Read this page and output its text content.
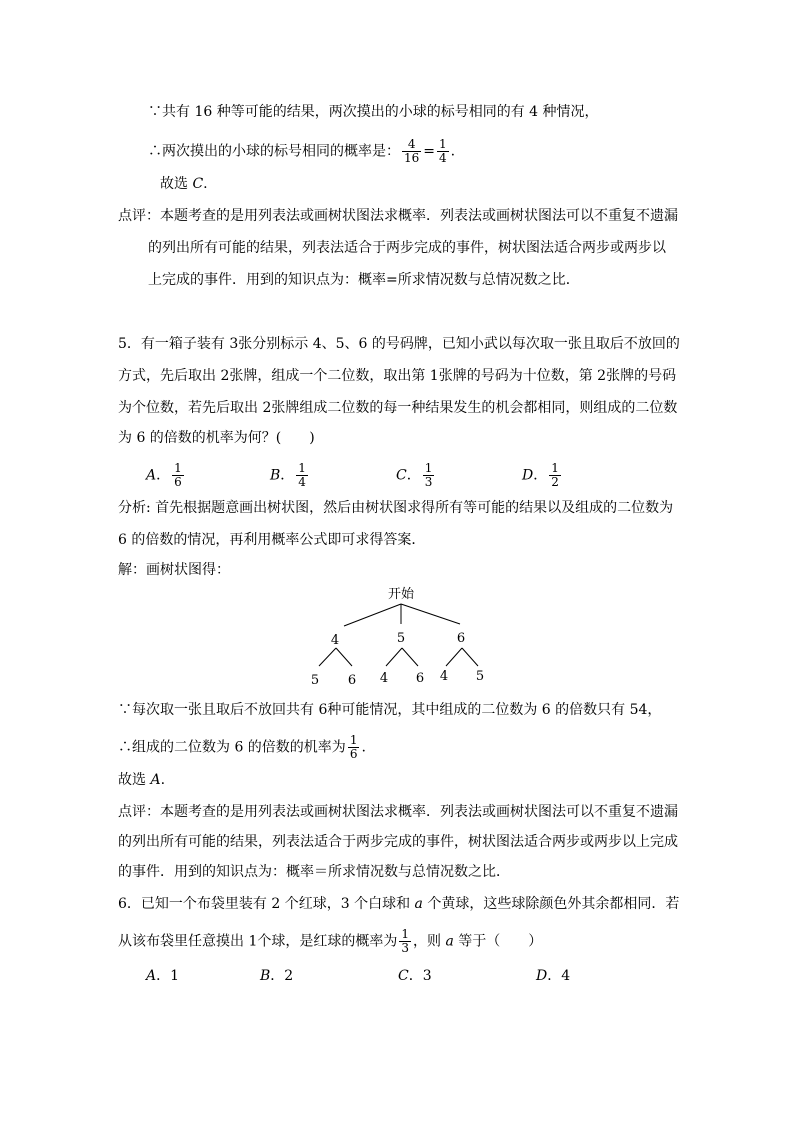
∵共有 16 种等可能的结果，两次摸出的小球的标号相同的有 4 种情况，
∴两次摸出的小球的标号相同的概率是： $\frac{4}{16} = \frac{1}{4}$ .
故选 C.
点评：本题考查的是用列表法或画树状图法求概率．列表法或画树状图法可以不重复不遗漏
的列出所有可能的结果，列表法适合于两步完成的事件，树状图法适合两步或两步以
上完成的事件．用到的知识点为：概率=所求情况数与总情况数之比．
5．有一箱子装有 3张分别标示 4、5、6 的号码牌，已知小武以每次取一张且取后不放回的
方式，先后取出 2张牌，组成一个二位数，取出第 1张牌的号码为十位数，第 2张牌的号码
为个位数，若先后取出 2张牌组成二位数的每一种结果发生的机会都相同，则组成的二位数
为 6 的倍数的机率为何？(　　)
A． $\frac{1}{6}$	B． $\frac{1}{4}$	C． $\frac{1}{3}$	D． $\frac{1}{2}$
分析: 首先根据题意画出树状图，然后由树状图求得所有等可能的结果以及组成的二位数为
6 的倍数的情况，再利用概率公式即可求得答案．
解：画树状图得：
开始
4	5	6
5 6 4 6 4 5
∵每次取一张且取后不放回共有 6种可能情况，其中组成的二位数为 6 的倍数只有 54，
∴组成的二位数为 6 的倍数的机率为 $\frac{1}{6}$ .
故选 A.
点评：本题考查的是用列表法或画树状图法求概率．列表法或画树状图法可以不重复不遗漏
的列出所有可能的结果，列表法适合于两步完成的事件，树状图法适合两步或两步以上完成
的事件．用到的知识点为：概率＝所求情况数与总情况数之比．
6．已知一个布袋里装有 2 个红球，3 个白球和 a 个黄球，这些球除颜色外其余都相同．若
从该布袋里任意摸出 1个球，是红球的概率为 $\frac{1}{3}$ ，则 a 等于（　　）
A．1	B．2	C．3	D．4
